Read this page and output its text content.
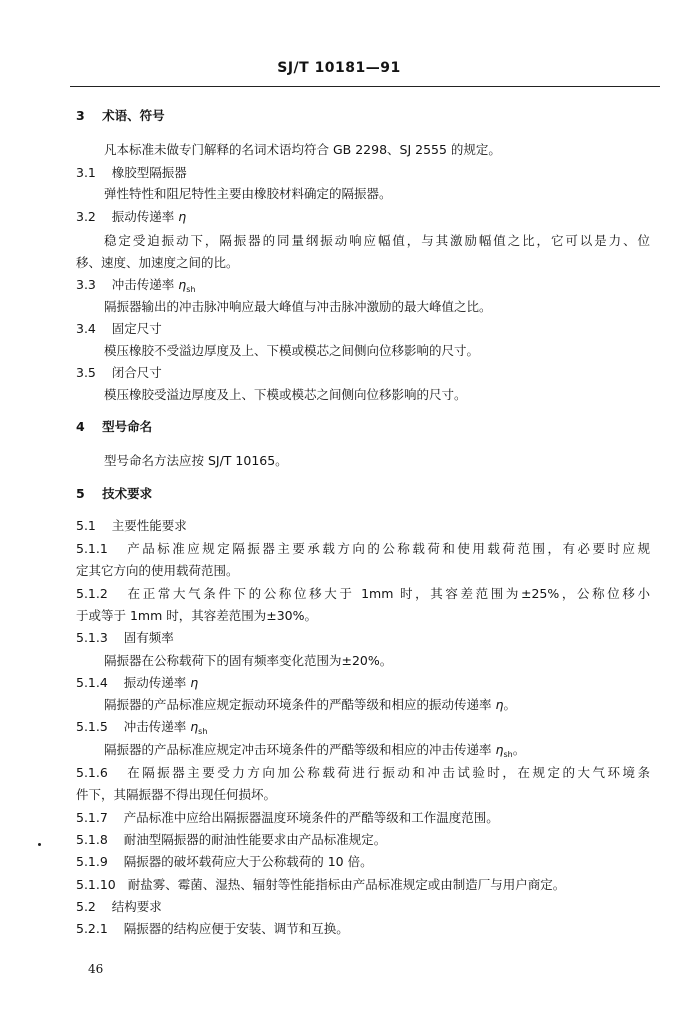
SJ/T 10181—91
3 术语、符号
凡本标准未做专门解释的名词术语均符合 GB 2298、SJ 2555 的规定。
3.1 橡胶型隔振器
弹性特性和阻尼特性主要由橡胶材料确定的隔振器。
3.2 振动传递率 η
稳定受迫振动下，隔振器的同量纲振动响应幅值，与其激励幅值之比，它可以是力、位
移、速度、加速度之间的比。
3.3 冲击传递率 $\eta_{sh}$
隔振器输出的冲击脉冲响应最大峰值与冲击脉冲激励的最大峰值之比。
3.4 固定尺寸
模压橡胶不受溢边厚度及上、下模或模芯之间侧向位移影响的尺寸。
3.5 闭合尺寸
模压橡胶受溢边厚度及上、下模或模芯之间侧向位移影响的尺寸。
4 型号命名
型号命名方法应按 SJ/T 10165。
5 技术要求
5.1 主要性能要求
5.1.1 产品标准应规定隔振器主要承载方向的公称载荷和使用载荷范围，有必要时应规
定其它方向的使用载荷范围。
5.1.2 在正常大气条件下的公称位移大于 1mm 时，其容差范围为±25%，公称位移小
于或等于 1mm 时，其容差范围为±30%。
5.1.3 固有频率
隔振器在公称载荷下的固有频率变化范围为±20%。
5.1.4 振动传递率 η
隔振器的产品标准应规定振动环境条件的严酷等级和相应的振动传递率 η。
5.1.5 冲击传递率 $\eta_{sh}$
隔振器的产品标准应规定冲击环境条件的严酷等级和相应的冲击传递率 $\eta_{sh}$。
5.1.6 在隔振器主要受力方向加公称载荷进行振动和冲击试验时，在规定的大气环境条
件下，其隔振器不得出现任何损坏。
5.1.7 产品标准中应给出隔振器温度环境条件的严酷等级和工作温度范围。
5.1.8 耐油型隔振器的耐油性能要求由产品标准规定。
5.1.9 隔振器的破坏载荷应大于公称载荷的 10 倍。
5.1.10 耐盐雾、霉菌、湿热、辐射等性能指标由产品标准规定或由制造厂与用户商定。
5.2 结构要求
5.2.1 隔振器的结构应便于安装、调节和互换。
46
